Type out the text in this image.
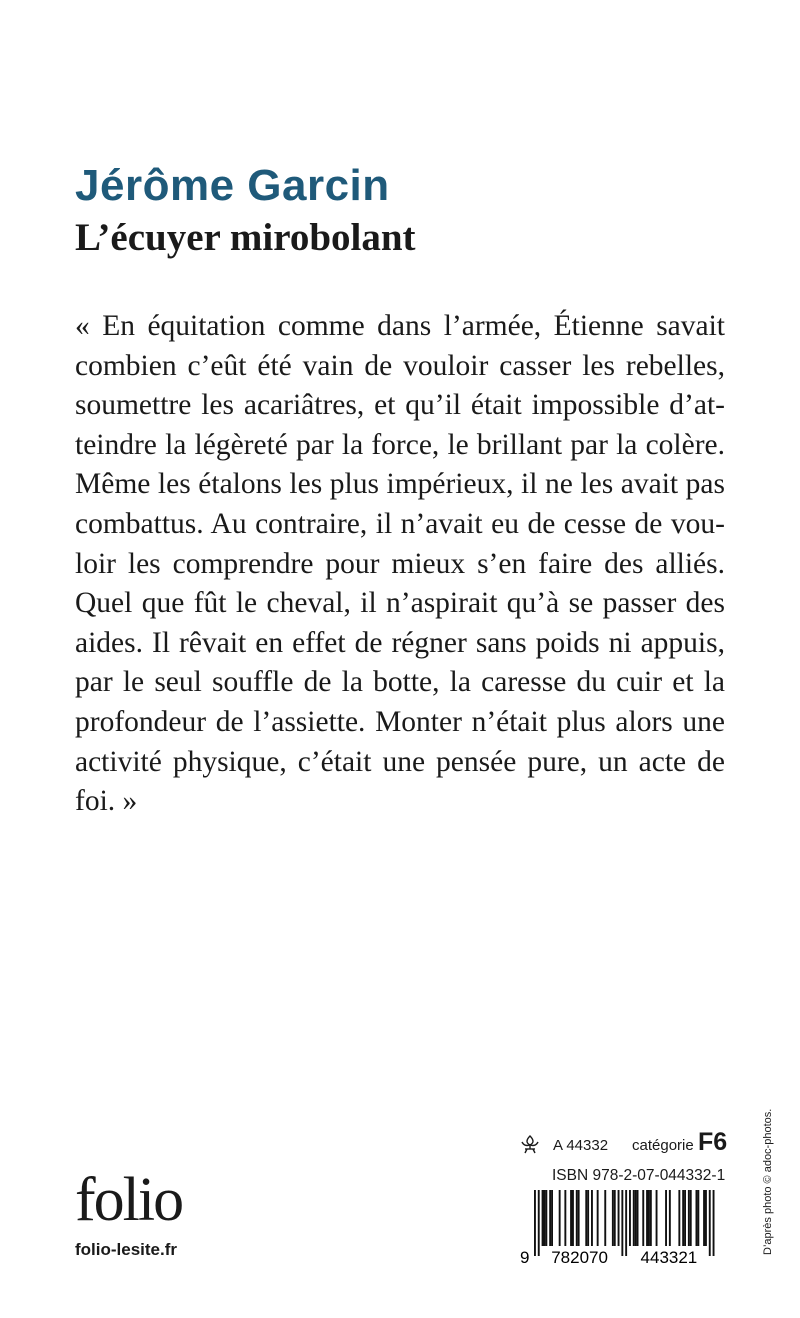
Jérôme Garcin
L’écuyer mirobolant
« En équitation comme dans l’armée, Étienne savait
combien c’eût été vain de vouloir casser les rebelles,
soumettre les acariâtres, et qu’il était impossible d’at-
teindre la légèreté par la force, le brillant par la colère.
Même les étalons les plus impérieux, il ne les avait pas
combattus. Au contraire, il n’avait eu de cesse de vou-
loir les comprendre pour mieux s’en faire des alliés.
Quel que fût le cheval, il n’aspirait qu’à se passer des
aides. Il rêvait en effet de régner sans poids ni appuis,
par le seul souffle de la botte, la caresse du cuir et la
profondeur de l’assiette. Monter n’était plus alors une
activité physique, c’était une pensée pure, un acte de
foi. »
folio
folio-lesite.fr
A 44332 catégorie F6
ISBN 978-2-07-044332-1
9 782070 443321
D’après photo © adoc-photos.
